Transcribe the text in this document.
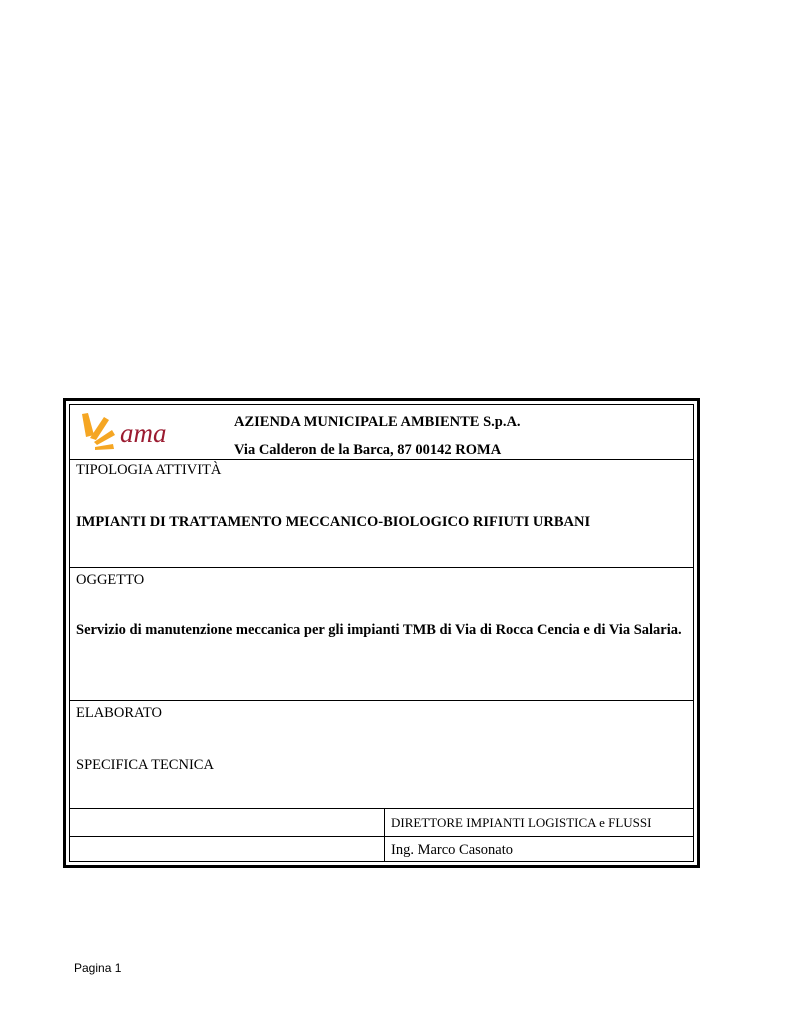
ama	AZIENDA MUNICIPALE AMBIENTE S.p.A.
Via Calderon de la Barca, 87 00142 ROMA
TIPOLOGIA ATTIVITÀ
IMPIANTI DI TRATTAMENTO MECCANICO-BIOLOGICO RIFIUTI URBANI
OGGETTO
Servizio di manutenzione meccanica per gli impianti TMB di Via di Rocca Cencia e di Via Salaria.
ELABORATO
SPECIFICA TECNICA
DIRETTORE IMPIANTI LOGISTICA e FLUSSI
Ing. Marco Casonato
Pagina 1
